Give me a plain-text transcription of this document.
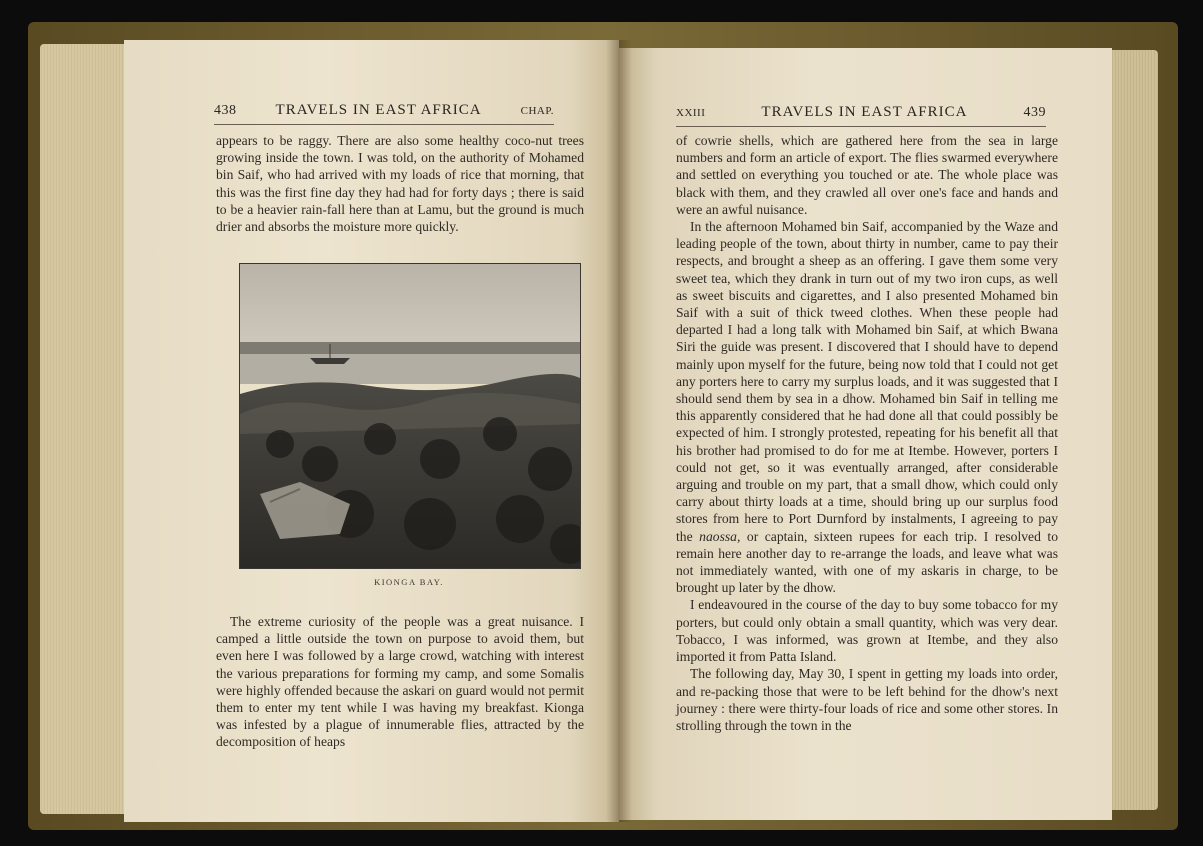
438	TRAVELS IN EAST AFRICA	CHAP.

appears to be raggy. There are also some healthy coco-nut trees growing inside the town. I was told, on the authority of Mohamed bin Saif, who had arrived with my loads of rice that morning, that this was the first fine day they had had for forty days ; there is said to be a heavier rain-fall here than at Lamu, but the ground is much drier and absorbs the moisture more quickly.

KIONGA BAY.

The extreme curiosity of the people was a great nuisance. I camped a little outside the town on purpose to avoid them, but even here I was followed by a large crowd, watching with interest the various preparations for forming my camp, and some Somalis were highly offended because the askari on guard would not permit them to enter my tent while I was having my breakfast. Kionga was infested by a plague of innumerable flies, attracted by the decomposition of heaps

XXIII	TRAVELS IN EAST AFRICA	439

of cowrie shells, which are gathered here from the sea in large numbers and form an article of export. The flies swarmed everywhere and settled on everything you touched or ate. The whole place was black with them, and they crawled all over one's face and hands and were an awful nuisance.

In the afternoon Mohamed bin Saif, accompanied by the Waze and leading people of the town, about thirty in number, came to pay their respects, and brought a sheep as an offering. I gave them some very sweet tea, which they drank in turn out of my two iron cups, as well as sweet biscuits and cigarettes, and I also presented Mohamed bin Saif with a suit of thick tweed clothes. When these people had departed I had a long talk with Mohamed bin Saif, at which Bwana Siri the guide was present. I discovered that I should have to depend mainly upon myself for the future, being now told that I could not get any porters here to carry my surplus loads, and it was suggested that I should send them by sea in a dhow. Mohamed bin Saif in telling me this apparently considered that he had done all that could possibly be expected of him. I strongly protested, repeating for his benefit all that his brother had promised to do for me at Itembe. However, porters I could not get, so it was eventually arranged, after considerable arguing and trouble on my part, that a small dhow, which could only carry about thirty loads at a time, should bring up our surplus food stores from here to Port Durnford by instalments, I agreeing to pay the naossa, or captain, sixteen rupees for each trip. I resolved to remain here another day to re-arrange the loads, and leave what was not immediately wanted, with one of my askaris in charge, to be brought up later by the dhow.

I endeavoured in the course of the day to buy some tobacco for my porters, but could only obtain a small quantity, which was very dear. Tobacco, I was informed, was grown at Itembe, and they also imported it from Patta Island.

The following day, May 30, I spent in getting my loads into order, and re-packing those that were to be left behind for the dhow's next journey : there were thirty-four loads of rice and some other stores. In strolling through the town in the
